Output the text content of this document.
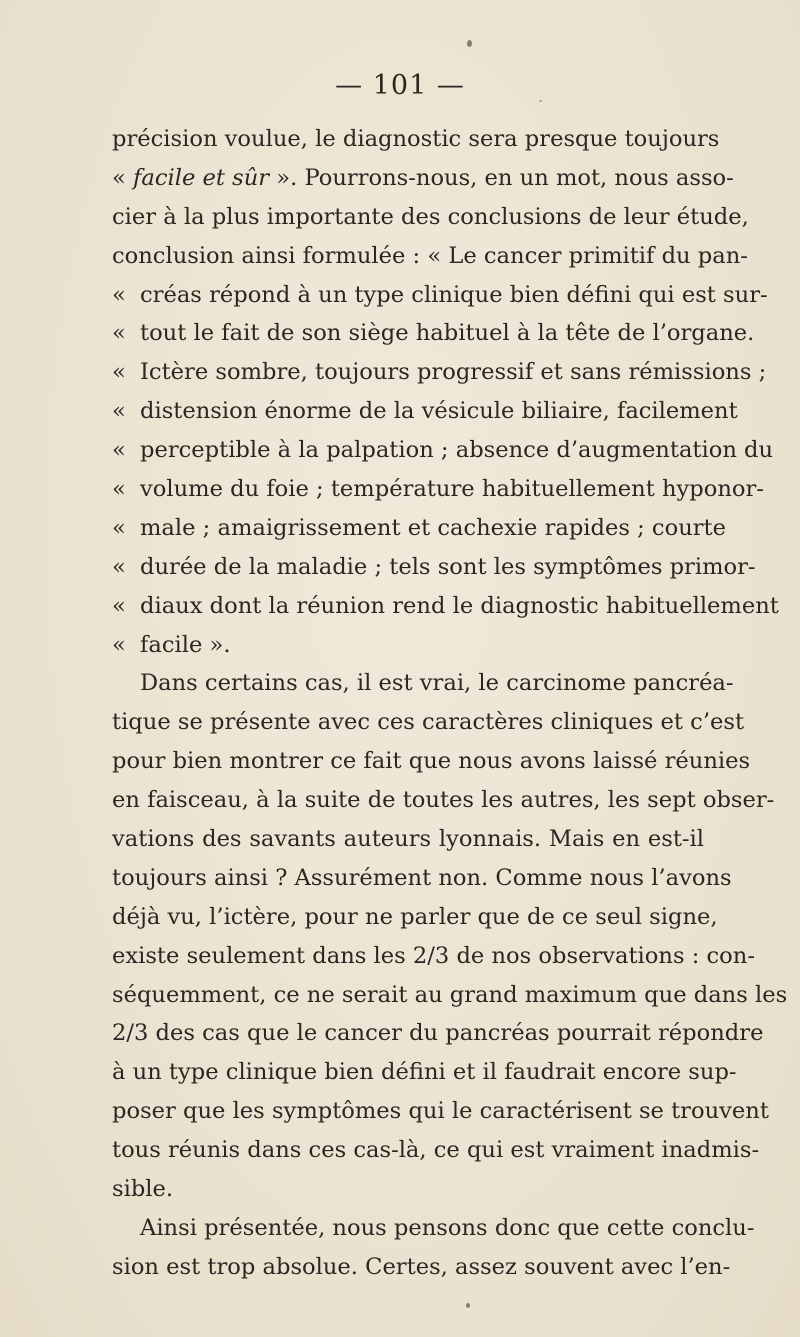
— 101 —
précision voulue, le diagnostic sera presque toujours
« facile et sûr ». Pourrons-nous, en un mot, nous asso-
cier à la plus importante des conclusions de leur étude,
conclusion ainsi formulée : « Le cancer primitif du pan-
« créas répond à un type clinique bien défini qui est sur-
« tout le fait de son siège habituel à la tête de l’organe.
« Ictère sombre, toujours progressif et sans rémissions ;
« distension énorme de la vésicule biliaire, facilement
« perceptible à la palpation ; absence d’augmentation du
« volume du foie ; température habituellement hyponor-
« male ; amaigrissement et cachexie rapides ; courte
« durée de la maladie ; tels sont les symptômes primor-
« diaux dont la réunion rend le diagnostic habituellement
« facile ».
Dans certains cas, il est vrai, le carcinome pancréa-
tique se présente avec ces caractères cliniques et c’est
pour bien montrer ce fait que nous avons laissé réunies
en faisceau, à la suite de toutes les autres, les sept obser-
vations des savants auteurs lyonnais. Mais en est-il
toujours ainsi ? Assurément non. Comme nous l’avons
déjà vu, l’ictère, pour ne parler que de ce seul signe,
existe seulement dans les 2/3 de nos observations : con-
séquemment, ce ne serait au grand maximum que dans les
2/3 des cas que le cancer du pancréas pourrait répondre
à un type clinique bien défini et il faudrait encore sup-
poser que les symptômes qui le caractérisent se trouvent
tous réunis dans ces cas-là, ce qui est vraiment inadmis-
sible.
Ainsi présentée, nous pensons donc que cette conclu-
sion est trop absolue. Certes, assez souvent avec l’en-
